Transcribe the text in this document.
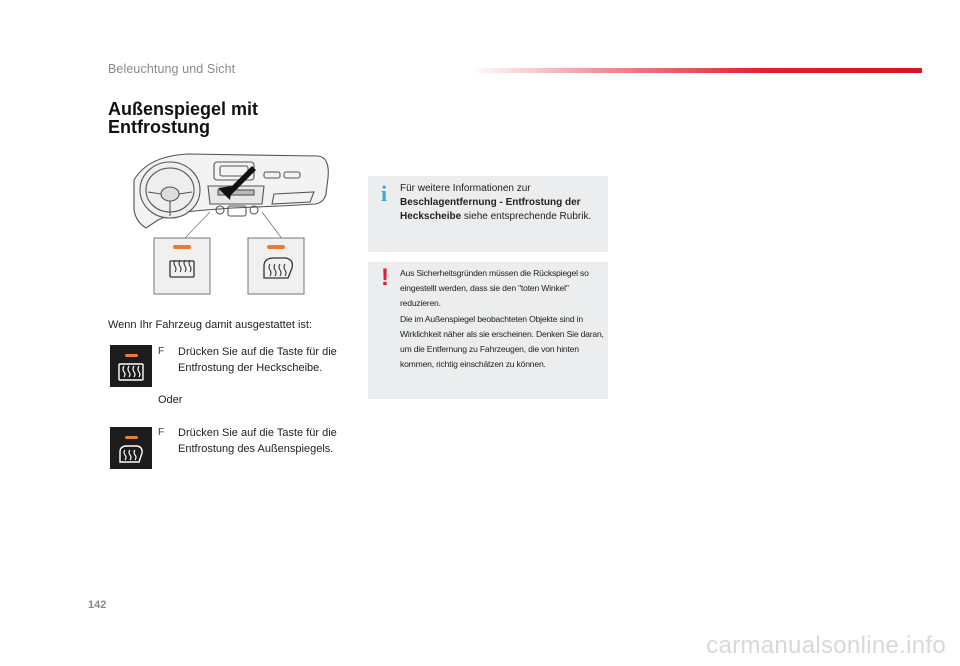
Beleuchtung und Sicht
Außenspiegel mit Entfrostung
Wenn Ihr Fahrzeug damit ausgestattet ist:
F	Drücken Sie auf die Taste für die Entfrostung der Heckscheibe.
Oder
F	Drücken Sie auf die Taste für die Entfrostung des Außenspiegels.
i Für weitere Informationen zur Beschlagentfernung - Entfrostung der Heckscheibe siehe entsprechende Rubrik.
! Aus Sicherheitsgründen müssen die Rückspiegel so eingestellt werden, dass sie den "toten Winkel" reduzieren.

Die im Außenspiegel beobachteten Objekte sind in Wirklichkeit näher als sie erscheinen. Denken Sie daran, um die Entfernung zu Fahrzeugen, die von hinten kommen, richtig einschätzen zu können.

142
carmanualsonline.info
